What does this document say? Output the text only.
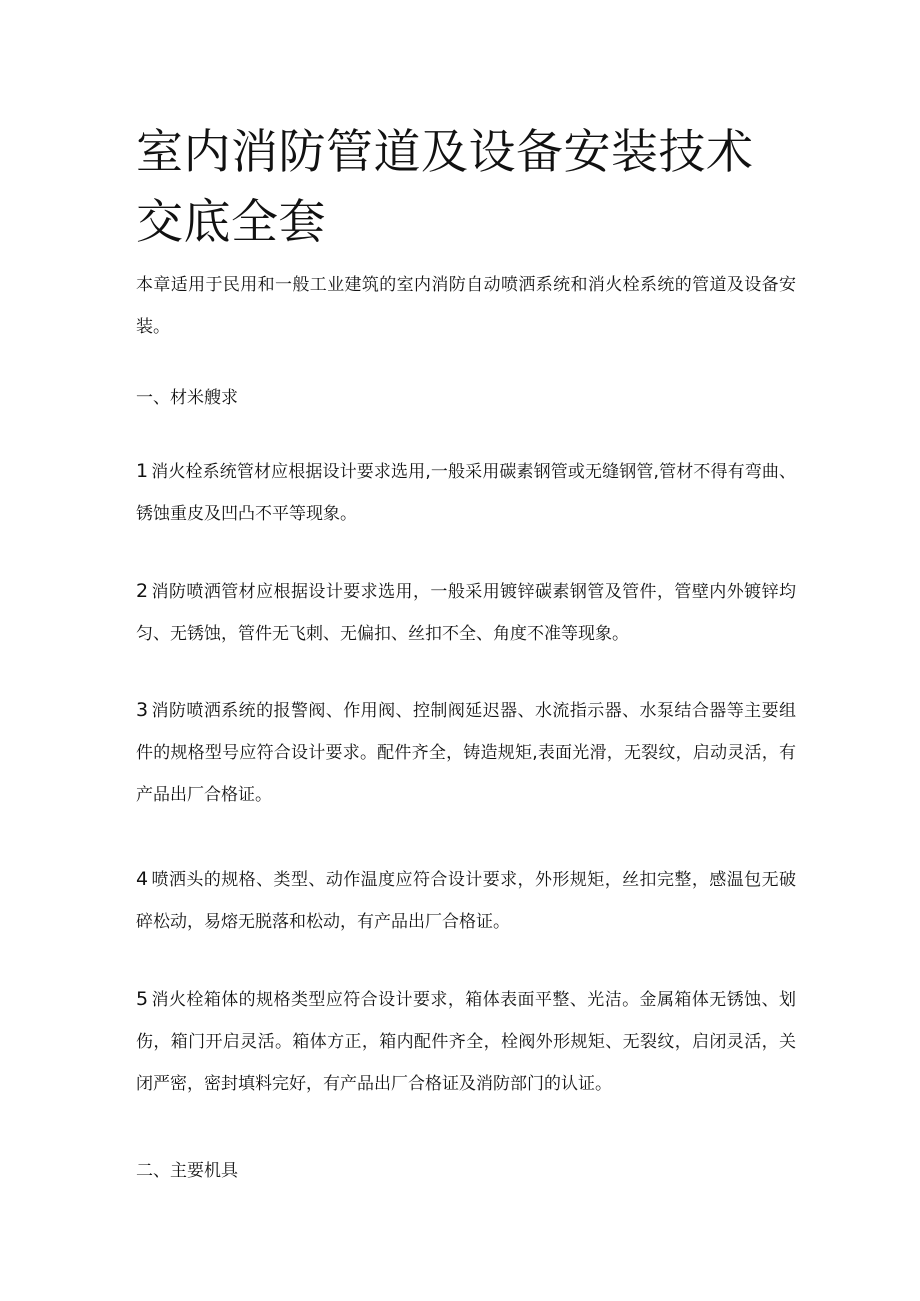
室内消防管道及设备安装技术交底全套

本章适用于民用和一般工业建筑的室内消防自动喷洒系统和消火栓系统的管道及设备安装。

一、材米艘求

1 消火栓系统管材应根据设计要求选用,一般采用碳素钢管或无缝钢管,管材不得有弯曲、锈蚀重皮及凹凸不平等现象。

2 消防喷洒管材应根据设计要求选用，一般采用镀锌碳素钢管及管件，管壁内外镀锌均匀、无锈蚀，管件无飞刺、无偏扣、丝扣不全、角度不准等现象。

3 消防喷洒系统的报警阀、作用阀、控制阀延迟器、水流指示器、水泵结合器等主要组件的规格型号应符合设计要求。配件齐全，铸造规矩,表面光滑，无裂纹，启动灵活，有产品出厂合格证。

4 喷洒头的规格、类型、动作温度应符合设计要求，外形规矩，丝扣完整，感温包无破碎松动，易熔无脱落和松动，有产品出厂合格证。

5 消火栓箱体的规格类型应符合设计要求，箱体表面平整、光洁。金属箱体无锈蚀、划伤，箱门开启灵活。箱体方正，箱内配件齐全，栓阀外形规矩、无裂纹，启闭灵活，关闭严密，密封填料完好，有产品出厂合格证及消防部门的认证。

二、主要机具
